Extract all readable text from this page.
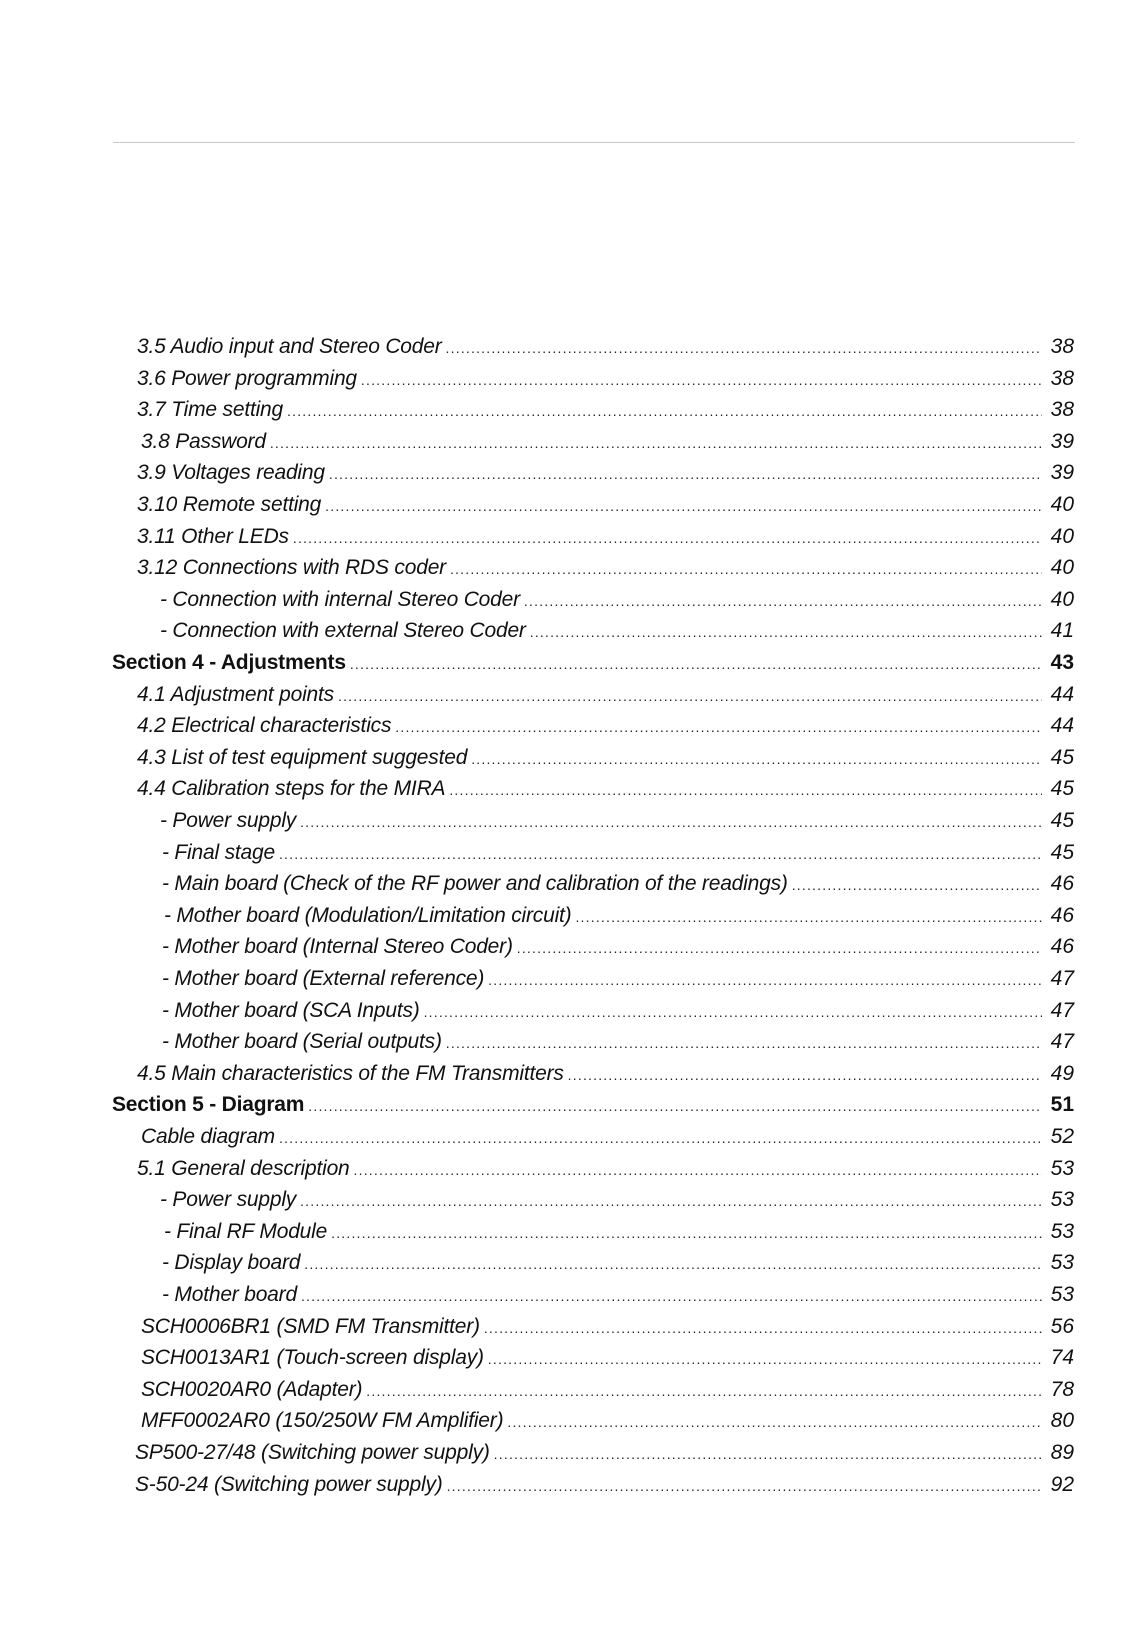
3.5 Audio input and Stereo Coder .....	38
3.6 Power programming .....	38
3.7 Time setting .....	38
3.8 Password .....	39
3.9 Voltages reading .....	39
3.10 Remote setting .....	40
3.11 Other LEDs .....	40
3.12 Connections with RDS coder .....	40
- Connection with internal Stereo Coder .....	40
- Connection with external Stereo Coder .....	41
Section 4 - Adjustments .....	43
4.1 Adjustment points .....	44
4.2 Electrical characteristics .....	44
4.3 List of test equipment suggested .....	45
4.4 Calibration steps for the MIRA .....	45
- Power supply .....	45
- Final stage .....	45
- Main board (Check of the RF power and calibration of the readings) .....	46
- Mother board (Modulation/Limitation circuit) .....	46
- Mother board (Internal Stereo Coder) .....	46
- Mother board (External reference) .....	47
- Mother board (SCA Inputs) .....	47
- Mother board (Serial outputs) .....	47
4.5 Main characteristics of the FM Transmitters .....	49
Section 5 - Diagram .....	51
Cable diagram .....	52
5.1 General description .....	53
- Power supply .....	53
- Final RF Module .....	53
- Display board .....	53
- Mother board .....	53
SCH0006BR1 (SMD FM Transmitter) .....	56
SCH0013AR1 (Touch-screen display) .....	74
SCH0020AR0 (Adapter) .....	78
MFF0002AR0 (150/250W FM Amplifier) .....	80
SP500-27/48 (Switching power supply) .....	89
S-50-24 (Switching power supply) .....	92
